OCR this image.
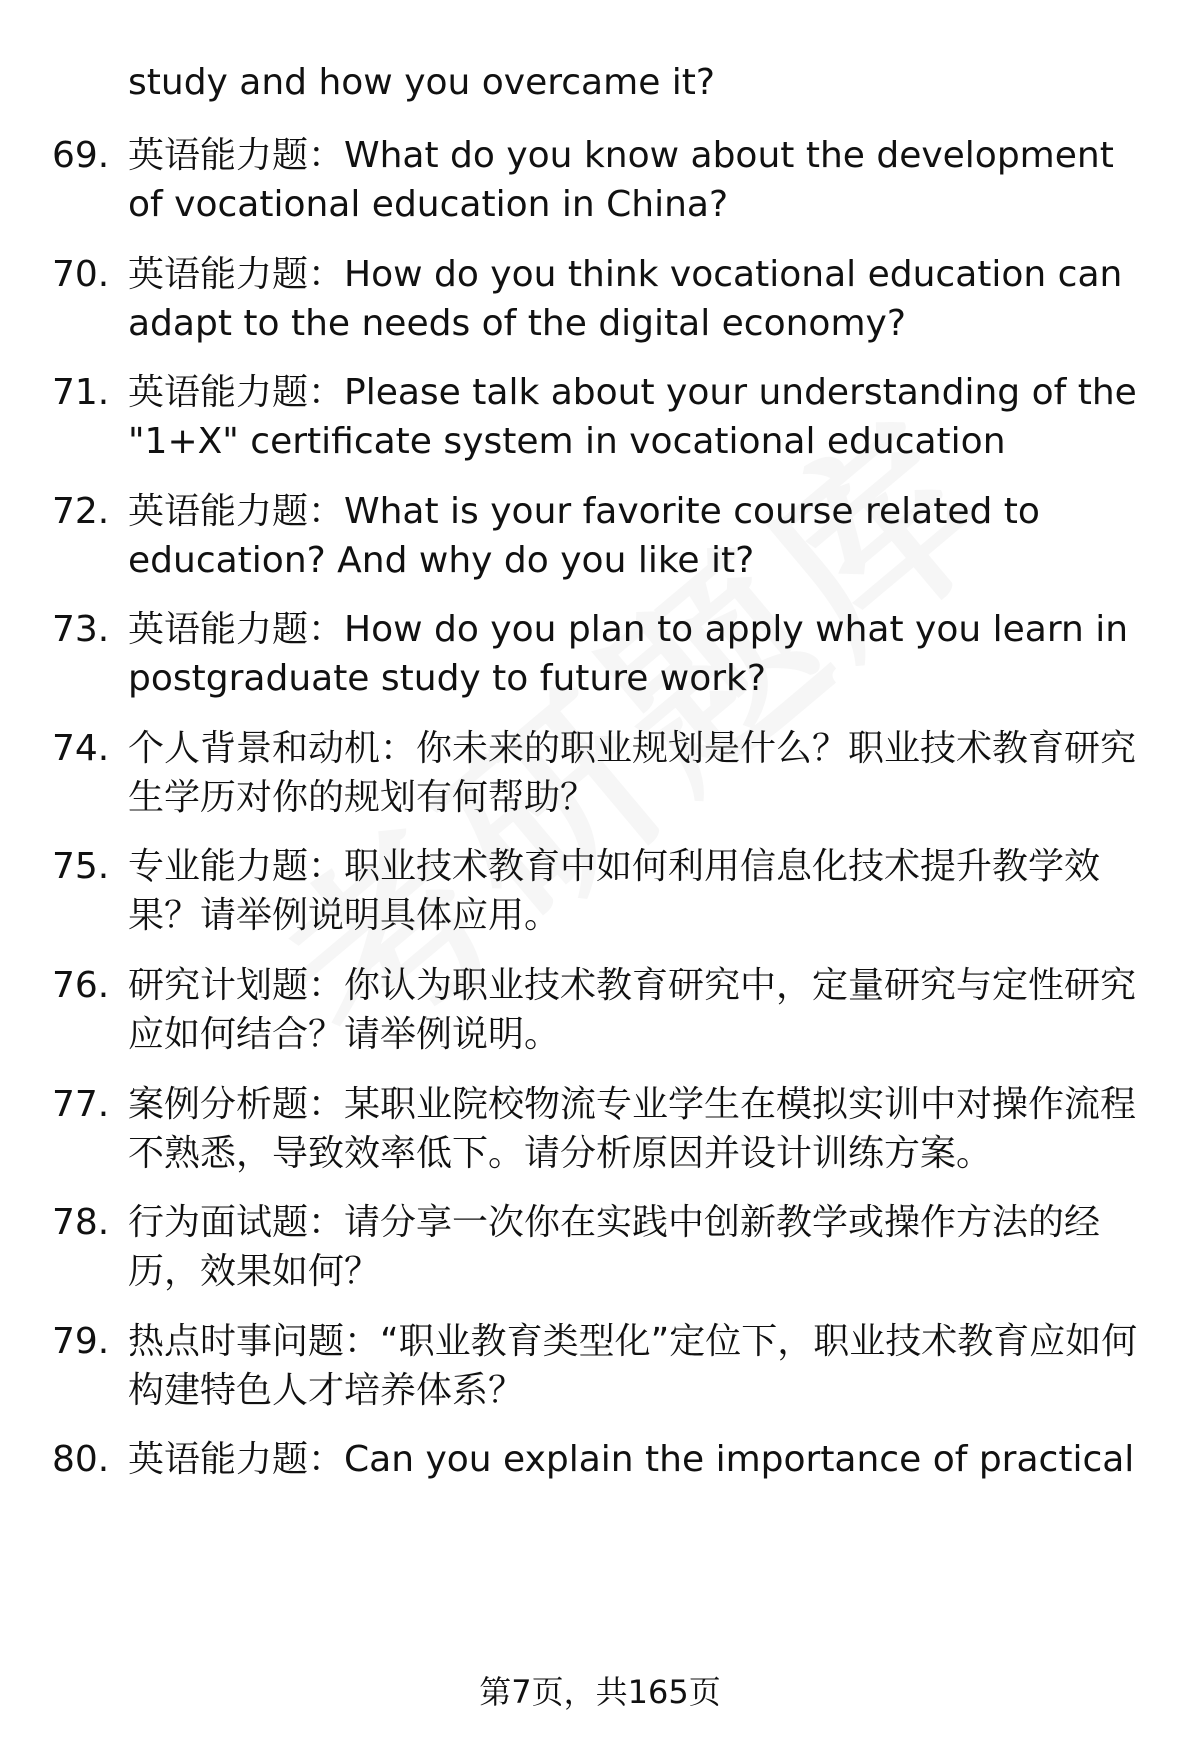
study and how you overcame it?
69. 英语能力题：What do you know about the development of vocational education in China?
70. 英语能力题：How do you think vocational education can adapt to the needs of the digital economy?
71. 英语能力题：Please talk about your understanding of the "1+X" certificate system in vocational education
72. 英语能力题：What is your favorite course related to education? And why do you like it?
73. 英语能力题：How do you plan to apply what you learn in postgraduate study to future work?
74. 个人背景和动机：你未来的职业规划是什么？职业技术教育研究生学历对你的规划有何帮助？
75. 专业能力题：职业技术教育中如何利用信息化技术提升教学效果？请举例说明具体应用。
76. 研究计划题：你认为职业技术教育研究中，定量研究与定性研究应如何结合？请举例说明。
77. 案例分析题：某职业院校物流专业学生在模拟实训中对操作流程不熟悉，导致效率低下。请分析原因并设计训练方案。
78. 行为面试题：请分享一次你在实践中创新教学或操作方法的经历，效果如何？
79. 热点时事问题：“职业教育类型化”定位下，职业技术教育应如何构建特色人才培养体系？
80. 英语能力题：Can you explain the importance of practical
第7页，共165页
